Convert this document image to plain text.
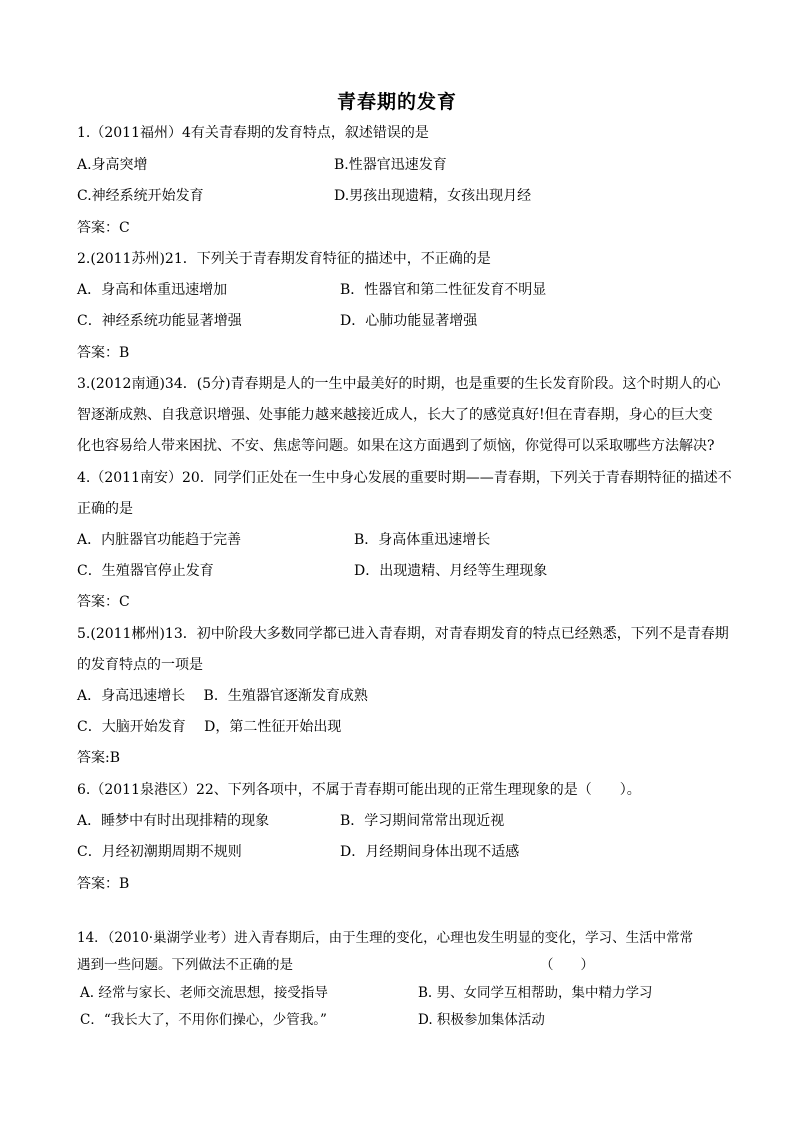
青春期的发育
1.（2011福州）4有关青春期的发育特点，叙述错误的是
A.身高突增	B.性器官迅速发育
C.神经系统开始发育	D.男孩出现遗精，女孩出现月经
答案：C
2.(2011苏州)21．下列关于青春期发育特征的描述中，不正确的是
A．身高和体重迅速增加	B．性器官和第二性征发育不明显
C．神经系统功能显著增强	D．心肺功能显著增强
答案：B
3.(2012南通)34．(5分)青春期是人的一生中最美好的时期，也是重要的生长发育阶段。这个时期人的心
智逐渐成熟、自我意识增强、处事能力越来越接近成人，长大了的感觉真好!但在青春期，身心的巨大变
化也容易给人带来困扰、不安、焦虑等问题。如果在这方面遇到了烦恼，你觉得可以采取哪些方法解决?
4.（2011南安）20．同学们正处在一生中身心发展的重要时期——青春期，下列关于青春期特征的描述不
正确的是
A．内脏器官功能趋于完善	B．身高体重迅速增长
C．生殖器官停止发育	D．出现遗精、月经等生理现象
答案：C
5.(2011郴州)13．初中阶段大多数同学都已进入青春期，对青春期发育的特点已经熟悉，下列不是青春期
的发育特点的一项是
A．身高迅速增长　 B．生殖器官逐渐发育成熟
C．大脑开始发育　 D，第二性征开始出现
答案:B
6.（2011泉港区）22、下列各项中，不属于青春期可能出现的正常生理现象的是（　　）。
A．睡梦中有时出现排精的现象	B．学习期间常常出现近视
C．月经初潮期周期不规则	D．月经期间身体出现不适感
答案：B
14．（2010·巢湖学业考）进入青春期后，由于生理的变化，心理也发生明显的变化，学习、生活中常常
遇到一些问题。下列做法不正确的是	（　　）
A. 经常与家长、老师交流思想，接受指导	B. 男、女同学互相帮助，集中精力学习
C．“我长大了，不用你们操心，少管我。”	D. 积极参加集体活动
